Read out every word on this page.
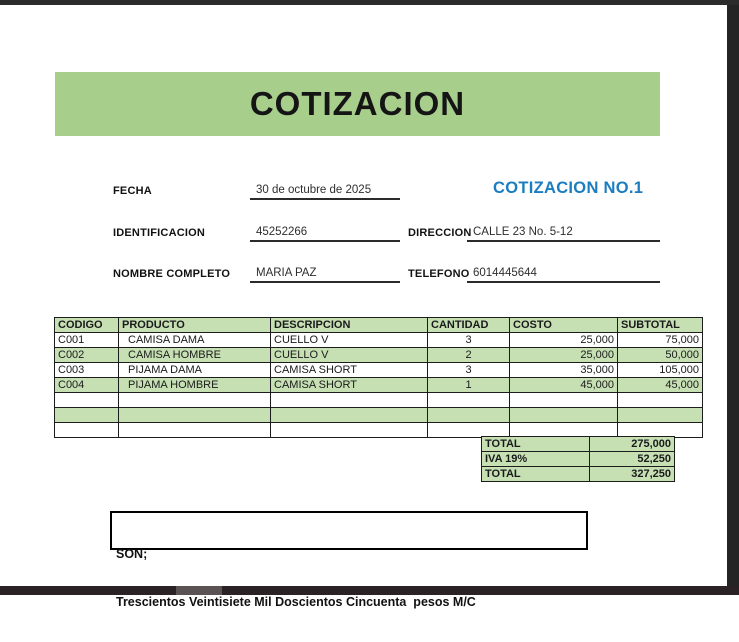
COTIZACION
FECHA	30 de octubre de 2025	COTIZACION NO.1
IDENTIFICACION	45252266	DIRECCION CALLE 23 No. 5-12
NOMBRE COMPLETO	MARIA PAZ	TELEFONO 6014445644
CODIGO	PRODUCTO	DESCRIPCION	CANTIDAD	COSTO	SUBTOTAL
C001	CAMISA DAMA	CUELLO V	3	25,000	75,000
C002	CAMISA HOMBRE	CUELLO V	2	25,000	50,000
C003	PIJAMA DAMA	CAMISA SHORT	3	35,000	105,000
C004	PIJAMA HOMBRE	CAMISA SHORT	1	45,000	45,000

TOTAL	275,000
IVA 19%	52,250
TOTAL	327,250

SON;

Trescientos Veintisiete Mil Doscientos Cincuenta  pesos M/C
